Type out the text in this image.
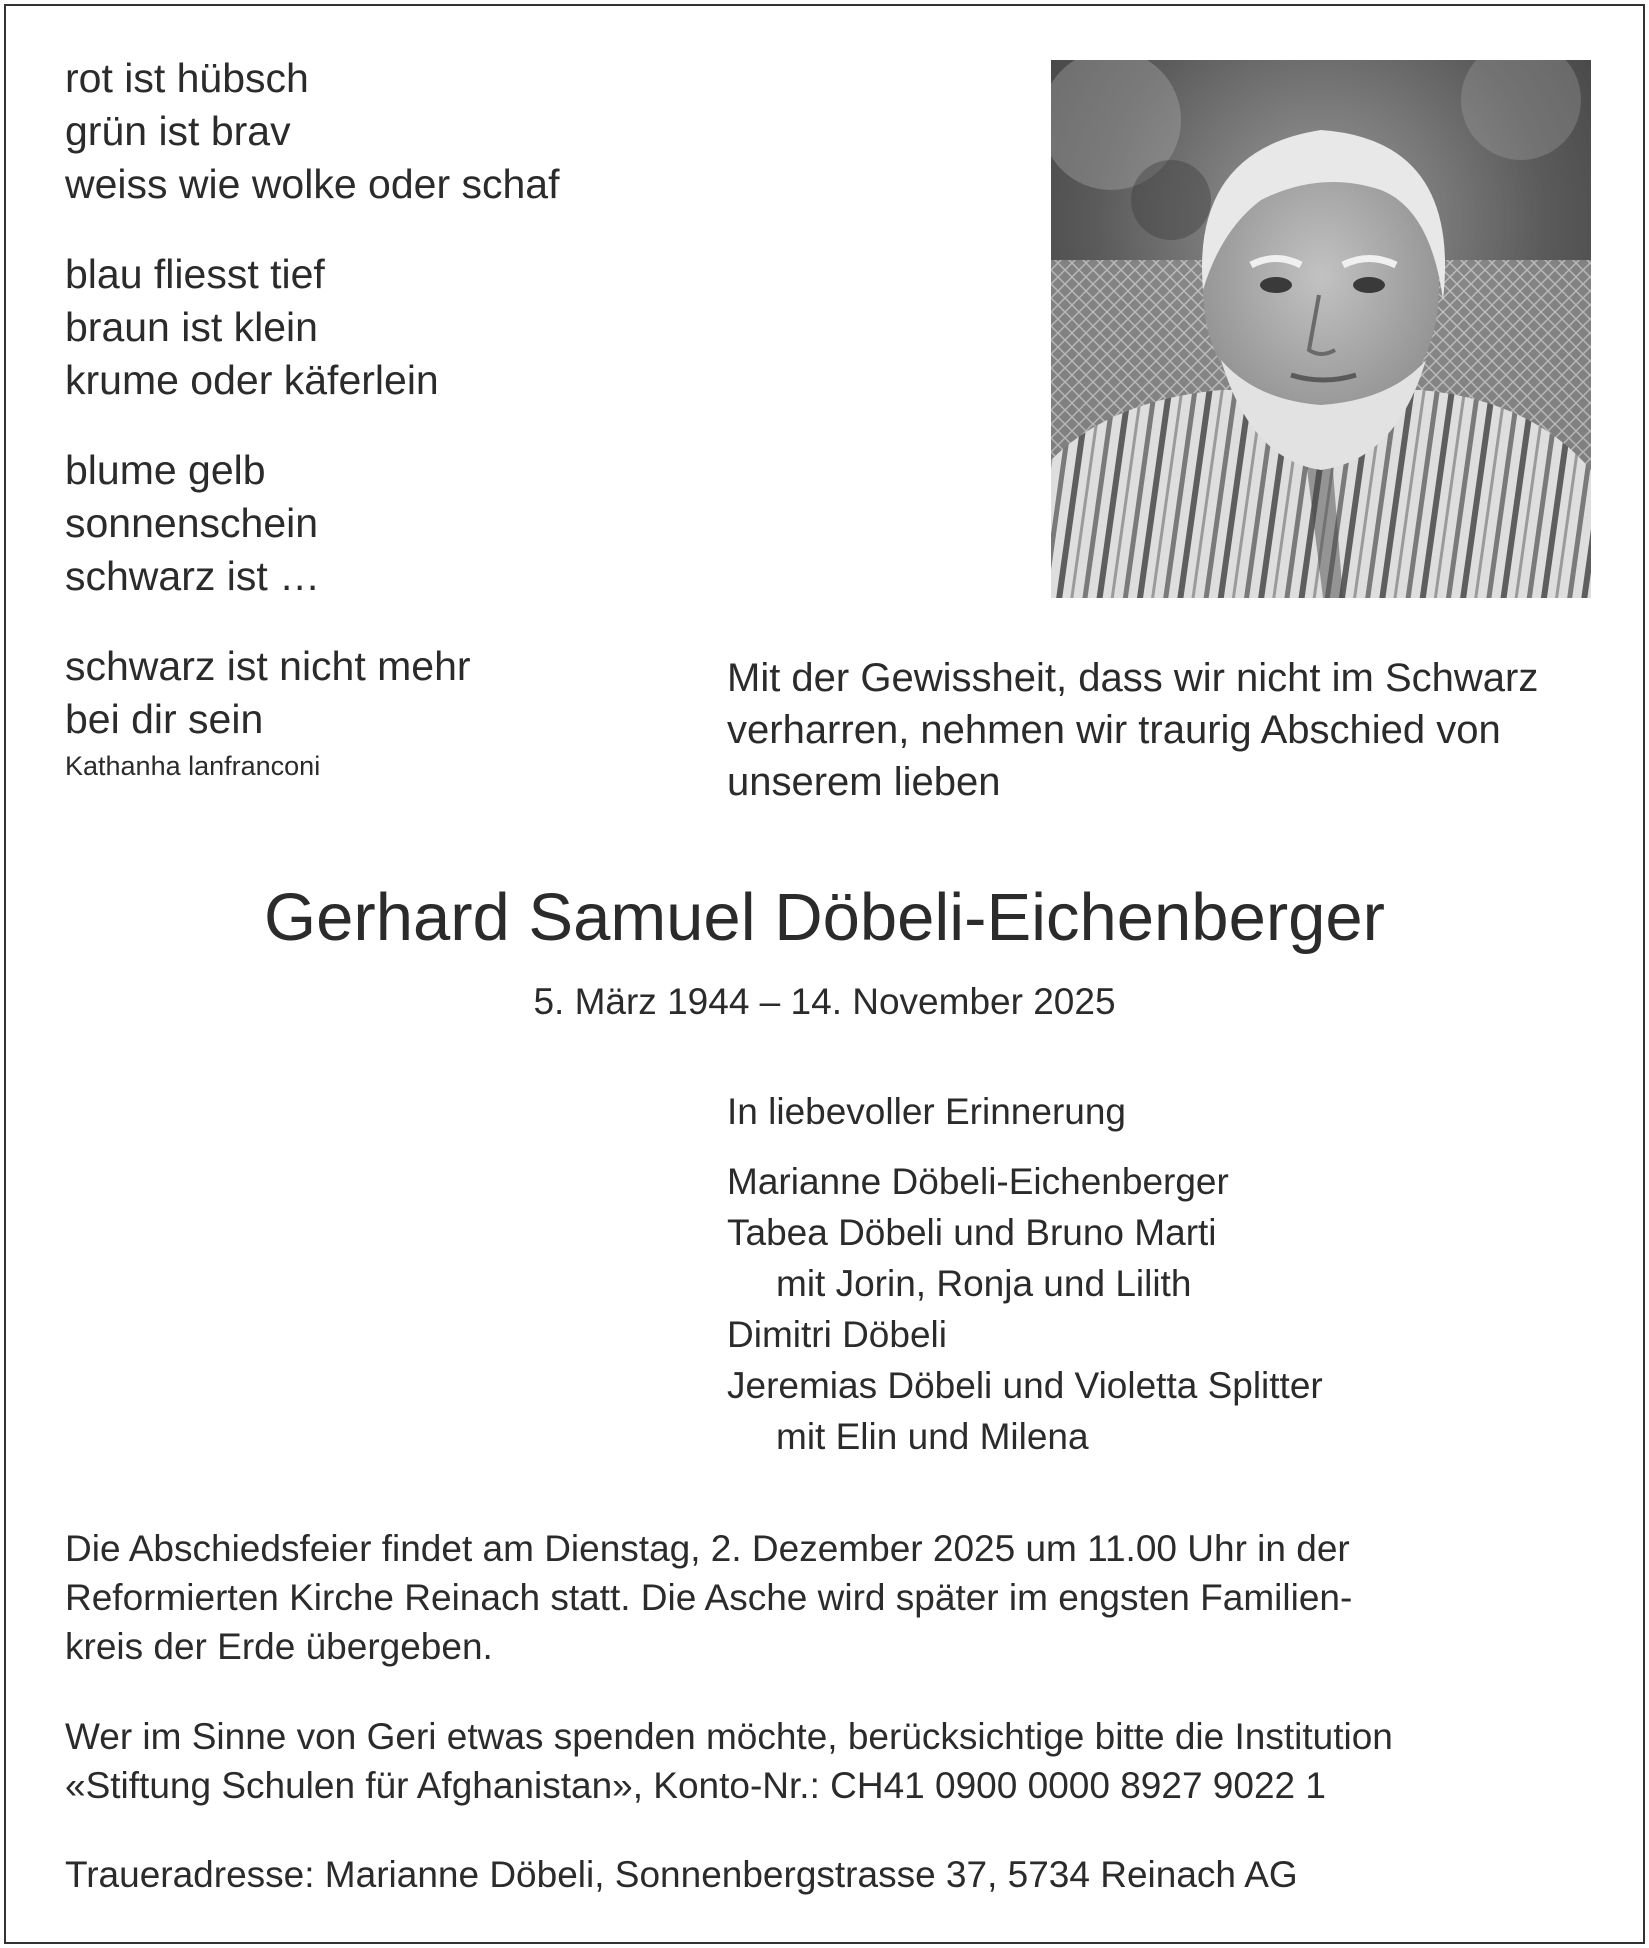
rot ist hübsch
grün ist brav
weiss wie wolke oder schaf
blau fliesst tief
braun ist klein
krume oder käferlein
blume gelb
sonnenschein
schwarz ist …
schwarz ist nicht mehr
bei dir sein
Kathanha lanfranconi
Mit der Gewissheit, dass wir nicht im Schwarz
verharren, nehmen wir traurig Abschied von
unserem lieben
Gerhard Samuel Döbeli-Eichenberger
5. März 1944 – 14. November 2025
In liebevoller Erinnerung
Marianne Döbeli-Eichenberger
Tabea Döbeli und Bruno Marti
mit Jorin, Ronja und Lilith
Dimitri Döbeli
Jeremias Döbeli und Violetta Splitter
mit Elin und Milena
Die Abschiedsfeier findet am Dienstag, 2. Dezember 2025 um 11.00 Uhr in der
Reformierten Kirche Reinach statt. Die Asche wird später im engsten Familien-
kreis der Erde übergeben.
Wer im Sinne von Geri etwas spenden möchte, berücksichtige bitte die Institution
«Stiftung Schulen für Afghanistan», Konto-Nr.: CH41 0900 0000 8927 9022 1
Traueradresse: Marianne Döbeli, Sonnenbergstrasse 37, 5734 Reinach AG
